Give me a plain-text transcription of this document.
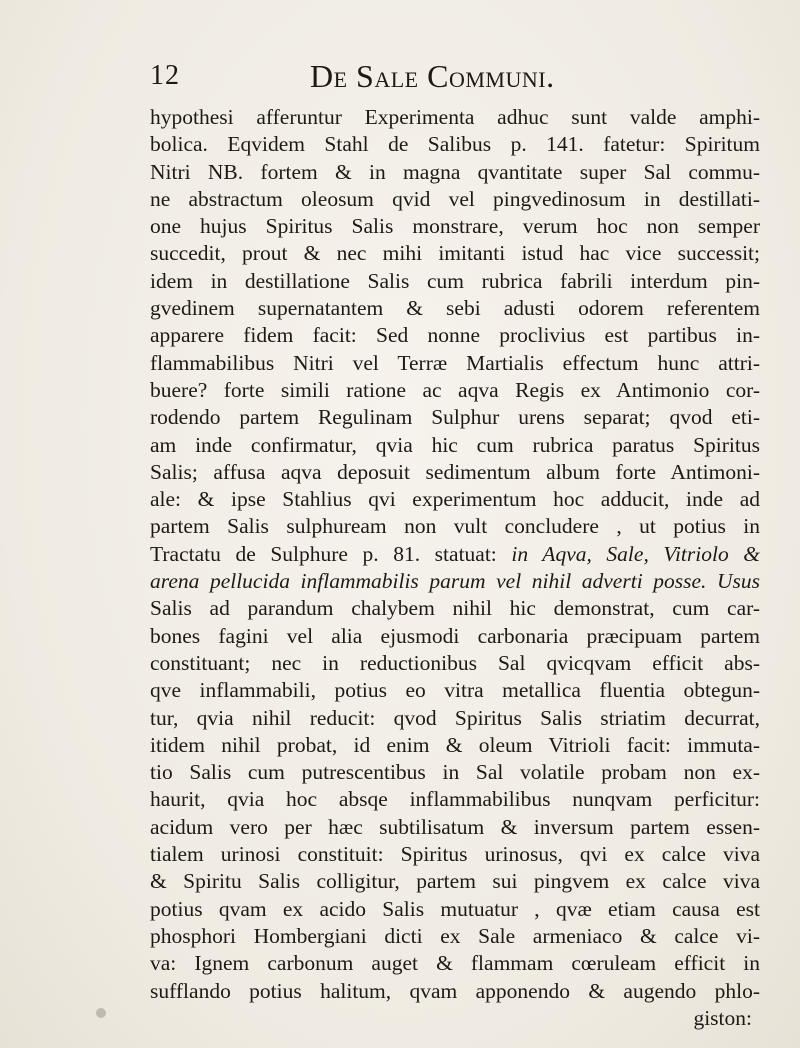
12	De Sale Communi.
hypothesi afferuntur Experimenta adhuc sunt valde amphi-
bolica. Eqvidem Stahl de Salibus p. 141. fatetur: Spiritum
Nitri NB. fortem & in magna qvantitate super Sal commu-
ne abstractum oleosum qvid vel pingvedinosum in destillati-
one hujus Spiritus Salis monstrare, verum hoc non semper
succedit, prout & nec mihi imitanti istud hac vice successit;
idem in destillatione Salis cum rubrica fabrili interdum pin-
gvedinem supernatantem & sebi adusti odorem referentem
apparere fidem facit: Sed nonne proclivius est partibus in-
flammabilibus Nitri vel Terræ Martialis effectum hunc attri-
buere? forte simili ratione ac aqva Regis ex Antimonio cor-
rodendo partem Regulinam Sulphur urens separat; qvod eti-
am inde confirmatur, qvia hic cum rubrica paratus Spiritus
Salis; affusa aqva deposuit sedimentum album forte Antimoni-
ale: & ipse Stahlius qvi experimentum hoc adducit, inde ad
partem Salis sulphuream non vult concludere , ut potius in
Tractatu de Sulphure p. 81. statuat: in Aqva, Sale, Vitriolo &
arena pellucida inflammabilis parum vel nihil adverti posse. Usus
Salis ad parandum chalybem nihil hic demonstrat, cum car-
bones fagini vel alia ejusmodi carbonaria præcipuam partem
constituant; nec in reductionibus Sal qvicqvam efficit abs-
qve inflammabili, potius eo vitra metallica fluentia obtegun-
tur, qvia nihil reducit: qvod Spiritus Salis striatim decurrat,
itidem nihil probat, id enim & oleum Vitrioli facit: immuta-
tio Salis cum putrescentibus in Sal volatile probam non ex-
haurit, qvia hoc absqe inflammabilibus nunqvam perficitur:
acidum vero per hæc subtilisatum & inversum partem essen-
tialem urinosi constituit: Spiritus urinosus, qvi ex calce viva
& Spiritu Salis colligitur, partem sui pingvem ex calce viva
potius qvam ex acido Salis mutuatur , qvæ etiam causa est
phosphori Hombergiani dicti ex Sale armeniaco & calce vi-
va: Ignem carbonum auget & flammam cœruleam efficit in
sufflando potius halitum, qvam apponendo & augendo phlo-
giston:
